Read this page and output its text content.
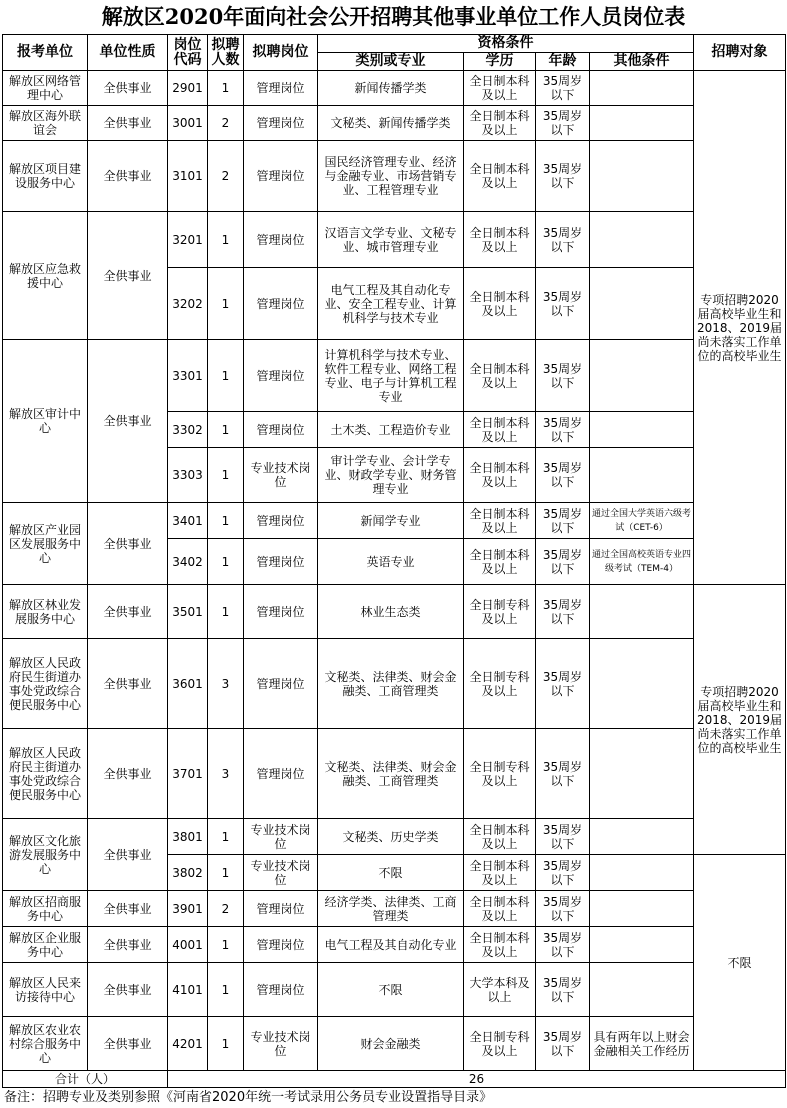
解放区2020年面向社会公开招聘其他事业单位工作人员岗位表
报考单位	单位性质	岗位代码	拟聘人数	拟聘岗位	资格条件				招聘对象
					类别或专业	学历	年龄	其他条件	
解放区网络管理中心	全供事业	2901	1	管理岗位	新闻传播学类	全日制本科及以上	35周岁以下		专项招聘2020届高校毕业生和2018、2019届尚未落实工作单位的高校毕业生
解放区海外联谊会	全供事业	3001	2	管理岗位	文秘类、新闻传播学类	全日制本科及以上	35周岁以下		
解放区项目建设服务中心	全供事业	3101	2	管理岗位	国民经济管理专业、经济与金融专业、市场营销专业、工程管理专业	全日制本科及以上	35周岁以下		
解放区应急救援中心	全供事业	3201	1	管理岗位	汉语言文学专业、文秘专业、城市管理专业	全日制本科及以上	35周岁以下		
		3202	1	管理岗位	电气工程及其自动化专业、安全工程专业、计算机科学与技术专业	全日制本科及以上	35周岁以下		
解放区审计中心	全供事业	3301	1	管理岗位	计算机科学与技术专业、软件工程专业、网络工程专业、电子与计算机工程专业	全日制本科及以上	35周岁以下		
		3302	1	管理岗位	土木类、工程造价专业	全日制本科及以上	35周岁以下		
		3303	1	专业技术岗位	审计学专业、会计学专业、财政学专业、财务管理专业	全日制本科及以上	35周岁以下		
解放区产业园区发展服务中心	全供事业	3401	1	管理岗位	新闻学专业	全日制本科及以上	35周岁以下	通过全国大学英语六级考试（CET-6）	
		3402	1	管理岗位	英语专业	全日制本科及以上	35周岁以下	通过全国高校英语专业四级考试（TEM-4）	
解放区林业发展服务中心	全供事业	3501	1	管理岗位	林业生态类	全日制专科及以上	35周岁以下		专项招聘2020届高校毕业生和2018、2019届尚未落实工作单位的高校毕业生
解放区人民政府民生街道办事处党政综合便民服务中心	全供事业	3601	3	管理岗位	文秘类、法律类、财会金融类、工商管理类	全日制专科及以上	35周岁以下		
解放区人民政府民主街道办事处党政综合便民服务中心	全供事业	3701	3	管理岗位	文秘类、法律类、财会金融类、工商管理类	全日制专科及以上	35周岁以下		
解放区文化旅游发展服务中心	全供事业	3801	1	专业技术岗位	文秘类、历史学类	全日制本科及以上	35周岁以下		
		3802	1	专业技术岗位	不限	全日制本科及以上	35周岁以下		不限
解放区招商服务中心	全供事业	3901	2	管理岗位	经济学类、法律类、工商管理类	全日制本科及以上	35周岁以下		
解放区企业服务中心	全供事业	4001	1	管理岗位	电气工程及其自动化专业	全日制本科及以上	35周岁以下		
解放区人民来访接待中心	全供事业	4101	1	管理岗位	不限	大学本科及以上	35周岁以下		
解放区农业农村综合服务中心	全供事业	4201	1	专业技术岗位	财会金融类	全日制专科及以上	35周岁以下	具有两年以上财会金融相关工作经历	
合计（人）		26							
备注：招聘专业及类别参照《河南省2020年统一考试录用公务员专业设置指导目录》
